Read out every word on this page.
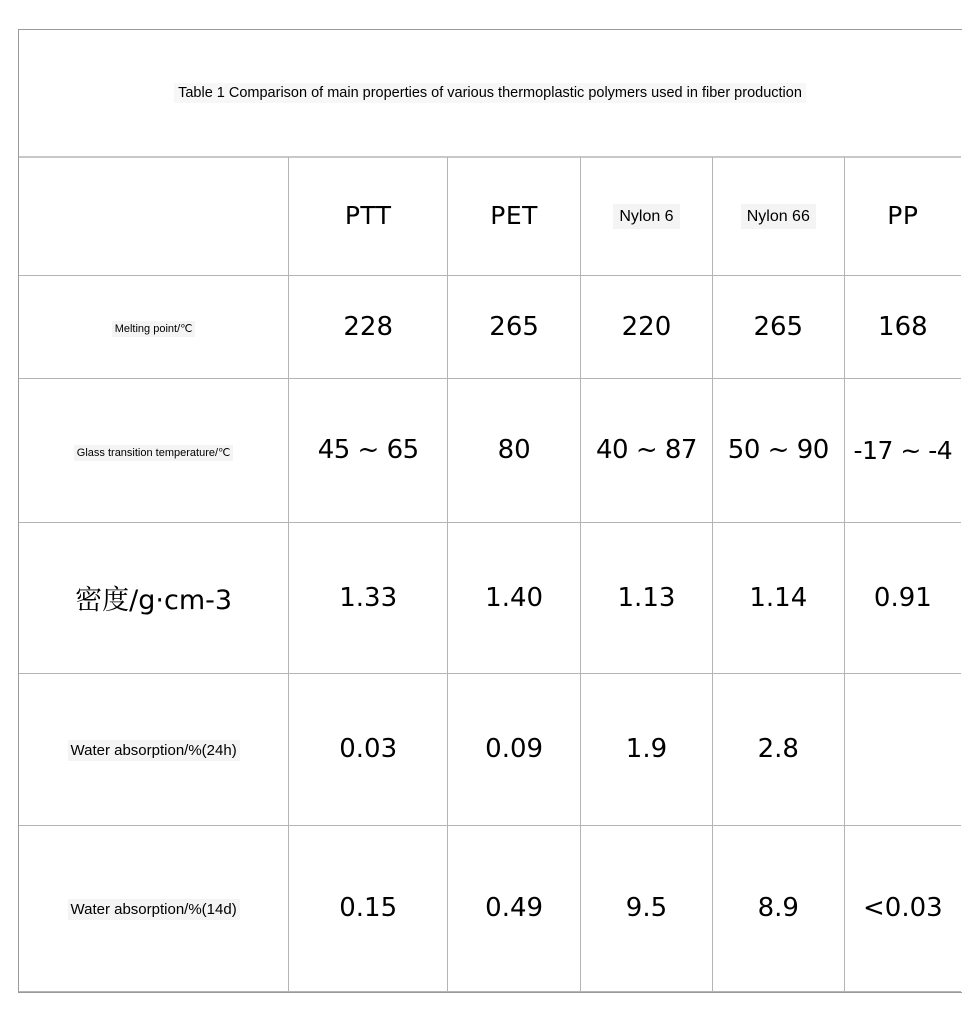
Table 1 Comparison of main properties of various thermoplastic polymers used in fiber production
	PTT	PET	Nylon 6	Nylon 66	PP
Melting point/℃	228	265	220	265	168
Glass transition temperature/℃	45 ~ 65	80	40 ~ 87	50 ~ 90	-17 ~ -4
密度/g·cm-3	1.33	1.40	1.13	1.14	0.91
Water absorption/%(24h)	0.03	0.09	1.9	2.8	
Water absorption/%(14d)	0.15	0.49	9.5	8.9	<0.03
